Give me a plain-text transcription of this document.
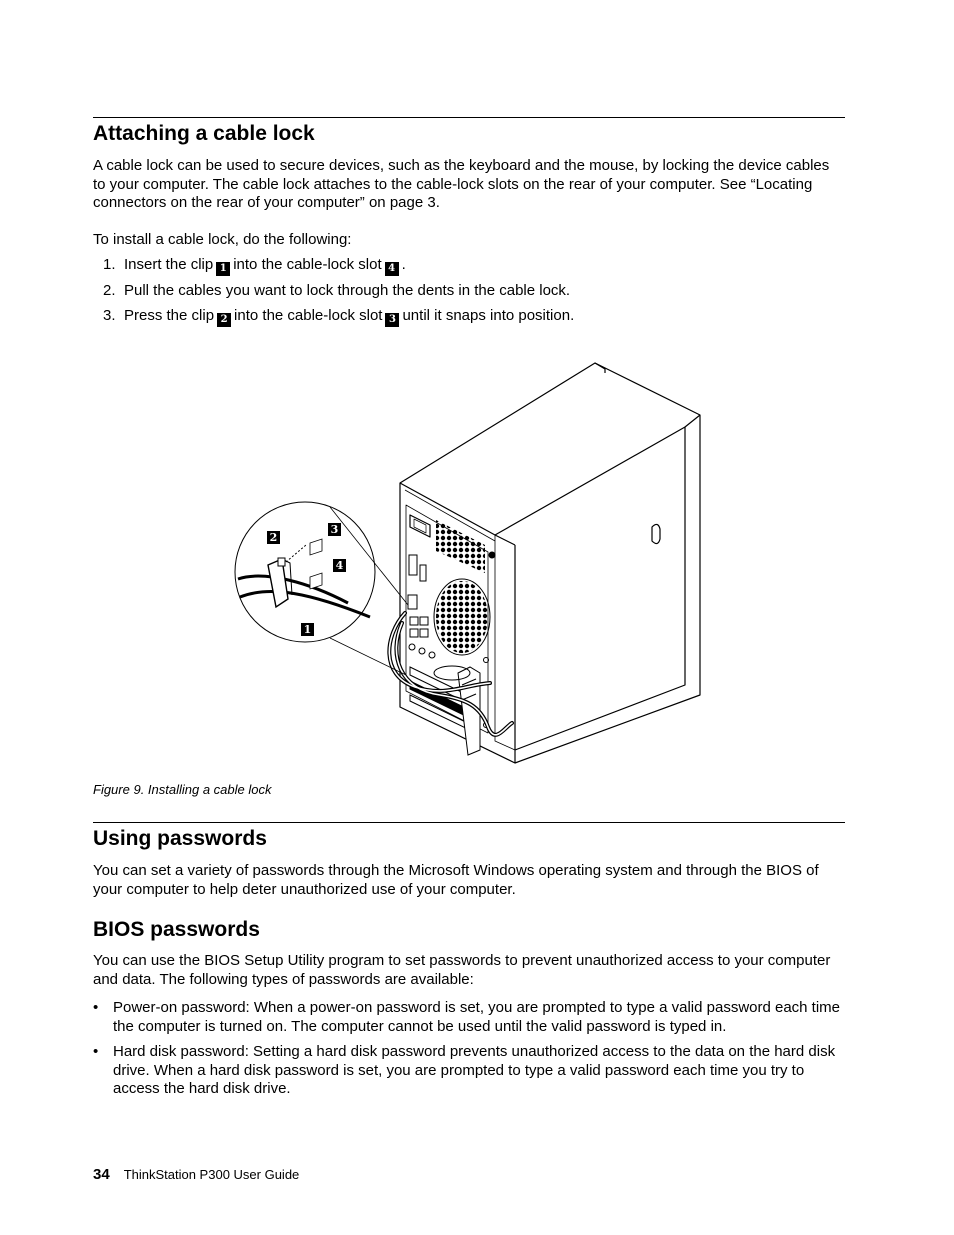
Attaching a cable lock

A cable lock can be used to secure devices, such as the keyboard and the mouse, by locking the device cables to your computer. The cable lock attaches to the cable-lock slots on the rear of your computer. See “Locating connectors on the rear of your computer” on page 3.

To install a cable lock, do the following:

1. Insert the clip 1 into the cable-lock slot 4 .
2. Pull the cables you want to lock through the dents in the cable lock.
3. Press the clip 2 into the cable-lock slot 3 until it snaps into position.
2
3
4
1
Figure 9. Installing a cable lock
Using passwords

You can set a variety of passwords through the Microsoft Windows operating system and through the BIOS of your computer to help deter unauthorized use of your computer.

BIOS passwords

You can use the BIOS Setup Utility program to set passwords to prevent unauthorized access to your computer and data. The following types of passwords are available:

• Power-on password: When a power-on password is set, you are prompted to type a valid password each time the computer is turned on. The computer cannot be used until the valid password is typed in.
• Hard disk password: Setting a hard disk password prevents unauthorized access to the data on the hard disk drive. When a hard disk password is set, you are prompted to type a valid password each time you try to access the hard disk drive.
34 ThinkStation P300 User Guide
